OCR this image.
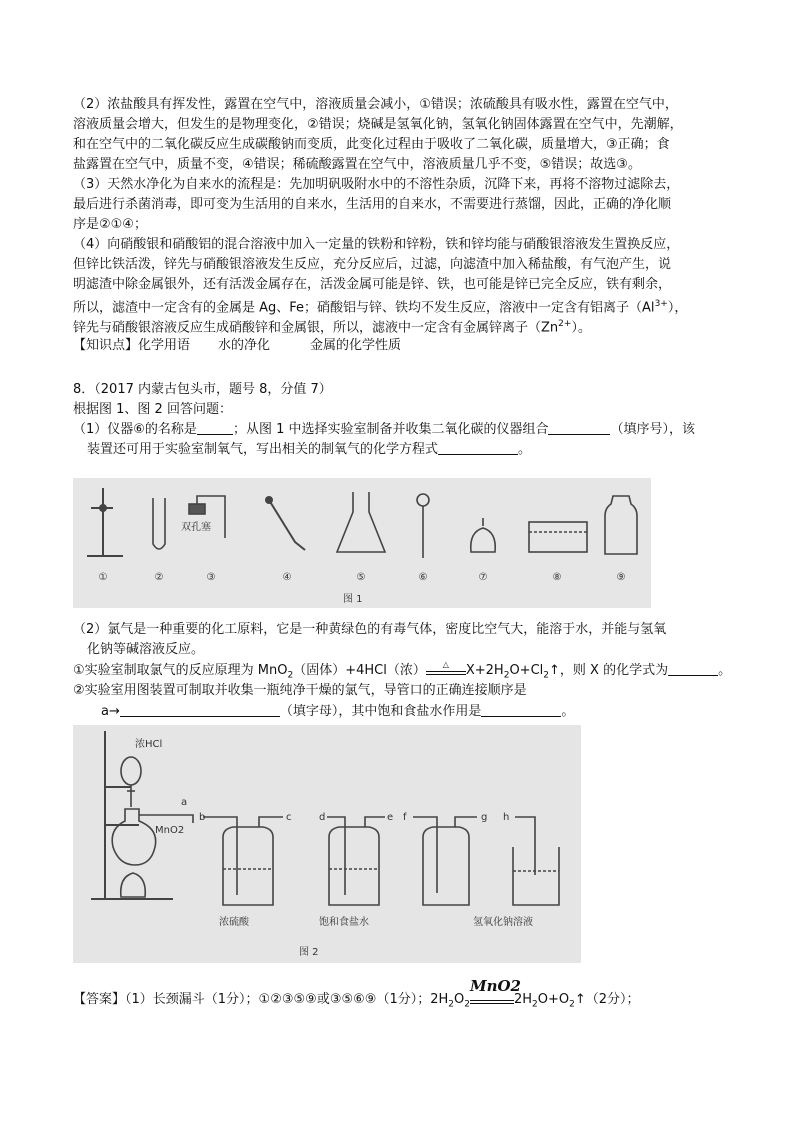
（2）浓盐酸具有挥发性，露置在空气中，溶液质量会减小，①错误；浓硫酸具有吸水性，露置在空气中，

溶液质量会增大，但发生的是物理变化，②错误；烧碱是氢氧化钠，氢氧化钠固体露置在空气中，先潮解，

和在空气中的二氧化碳反应生成碳酸钠而变质，此变化过程由于吸收了二氧化碳，质量增大，③正确；食

盐露置在空气中，质量不变，④错误；稀硫酸露置在空气中，溶液质量几乎不变，⑤错误；故选③。

（3）天然水净化为自来水的流程是：先加明矾吸附水中的不溶性杂质，沉降下来，再将不溶物过滤除去，

最后进行杀菌消毒，即可变为生活用的自来水，生活用的自来水，不需要进行蒸馏，因此，正确的净化顺

序是②①④；

（4）向硝酸银和硝酸铝的混合溶液中加入一定量的铁粉和锌粉，铁和锌均能与硝酸银溶液发生置换反应，

但锌比铁活泼，锌先与硝酸银溶液发生反应，充分反应后，过滤，向滤渣中加入稀盐酸，有气泡产生，说

明滤渣中除金属银外，还有活泼金属存在，活泼金属可能是锌、铁，也可能是锌已完全反应，铁有剩余，

所以，滤渣中一定含有的金属是 Ag、Fe；硝酸铝与锌、铁均不发生反应，溶液中一定含有铝离子$(Al^{3+})$，

锌先与硝酸银溶液反应生成硝酸锌和金属银，所以，滤液中一定含有金属锌离子$(Zn^{2+})$。

【知识点】化学用语 水的净化	金属的化学性质

8．（2017 内蒙古包头市，题号 8，分值 7）

根据图 1、图 2 回答问题：

（1）仪器⑥的名称是	；从图 1 中选择实验室制备并收集二氧化碳的仪器组合	（填序号），该

装置还可用于实验室制氧气，写出相关的制氧气的化学方程式	。

双孔塞
①	②	③	④	⑤	⑥	⑦	⑧	⑨
图 1

（2）氯气是一种重要的化工原料，它是一种黄绿色的有毒气体，密度比空气大，能溶于水，并能与氢氧

化钠等碱溶液反应。

①实验室制取氯气的反应原理为 MnO$_2$（固体）+4HCl（浓）	△	$X+2H_2O+Cl_2↑$，则 X 的化学式为	。

②实验室用图装置可制取并收集一瓶纯净干燥的氯气，导管口的正确连接顺序是

a→	（填字母），其中饱和食盐水作用是	。

浓HCl
MnO2
a
b	c
浓硫酸
d	e
饱和食盐水
f	g h
氢氧化钠溶液
图 2

【答案】（1）长颈漏斗（1分）；①②③⑤⑨或③⑤⑥⑨（1分）；$2H_2O_2$
MnO2
$2H_2O+O_2↑(2$分）；
